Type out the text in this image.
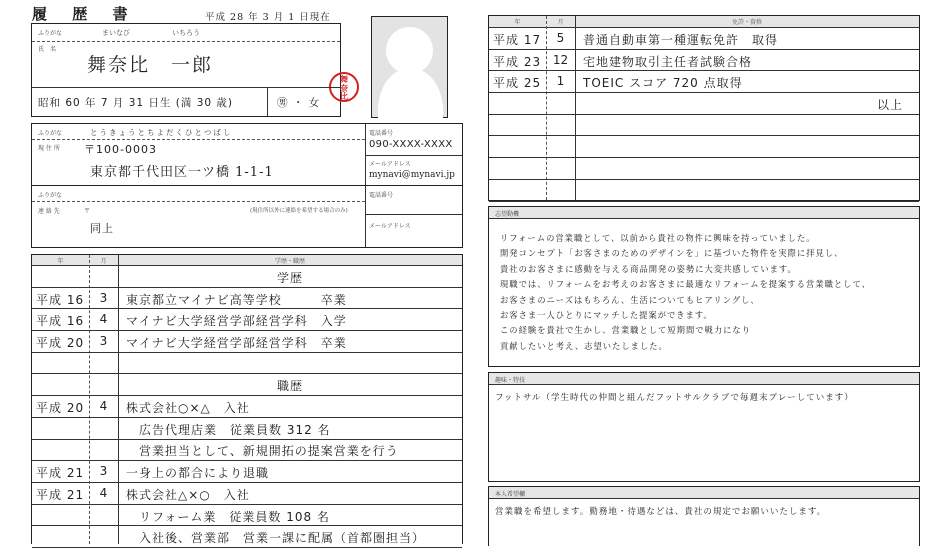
履 歴 書	平成 28 年 3 月 1 日現在
ふりがな	まいなび	いちろう
氏　名
舞奈比　一郎
舞奈比
昭和 60 年 7 月 31 日生 (満 30 歳)	㊚ ・ 女
ふりがな	とうきょうとちよだくひとつばし
現 住 所 〒100-0003
東京都千代田区一ツ橋 1-1-1
電話番号
090-XXXX-XXXX
メールアドレス
mynavi@mynavi.jp
ふりがな
連 絡 先	〒	(現住所以外に連絡を希望する場合のみ)
同上
電話番号
メールアドレス
年	月	学歴・職歴
学歴
平成 16	3	東京都立マイナビ高等学校　　　卒業
平成 16	4	マイナビ大学経営学部経営学科　入学
平成 20	3	マイナビ大学経営学部経営学科　卒業
職歴
平成 20	4	株式会社○×△　入社
　広告代理店業　従業員数 312 名
　営業担当として、新規開拓の提案営業を行う
平成 21	3	一身上の都合により退職
平成 21	4	株式会社△×○　入社
　リフォーム業　従業員数 108 名
　入社後、営業部　営業一課に配属（首都圏担当）
年	月	免許・資格
平成 17	5	普通自動車第一種運転免許　取得
平成 23 12	宅地建物取引主任者試験合格
平成 25	1	TOEIC スコア 720 点取得
以上
志望動機
リフォームの営業職として、以前から貴社の物件に興味を持っていました。
開発コンセプト「お客さまのためのデザインを」に基づいた物件を実際に拝見し、
貴社のお客さまに感動を与える商品開発の姿勢に大変共感しています。
現職では、リフォームをお考えのお客さまに最適なリフォームを提案する営業職として、
お客さまのニーズはもちろん、生活についてもヒアリングし、
お客さま一人ひとりにマッチした提案ができます。
この経験を貴社で生かし、営業職として短期間で戦力になり
貢献したいと考え、志望いたしました。
趣味・特技
フットサル（学生時代の仲間と組んだフットサルクラブで毎週末プレーしています）
本人希望欄
営業職を希望します。勤務地・待遇などは、貴社の規定でお願いいたします。
